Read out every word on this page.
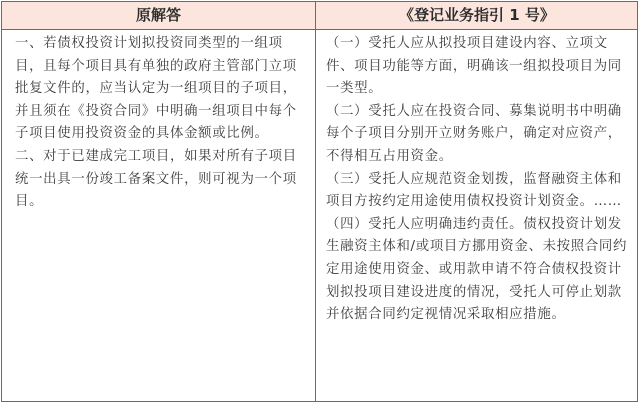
原解答	《登记业务指引 1 号》

一、若债权投资计划拟投资同类型的一组项目，且每个项目具有单独的政府主管部门立项批复文件的，应当认定为一组项目的子项目，并且须在《投资合同》中明确一组项目中每个子项目使用投资资金的具体金额或比例。

二、对于已建成完工项目，如果对所有子项目统一出具一份竣工备案文件，则可视为一个项目。

（一）受托人应从拟投项目建设内容、立项文件、项目功能等方面，明确该一组拟投项目为同一类型。

（二）受托人应在投资合同、募集说明书中明确每个子项目分别开立财务账户，确定对应资产，不得相互占用资金。

（三）受托人应规范资金划拨，监督融资主体和项目方按约定用途使用债权投资计划资金。……

（四）受托人应明确违约责任。债权投资计划发生融资主体和/或项目方挪用资金、未按照合同约定用途使用资金、或用款申请不符合债权投资计划拟投项目建设进度的情况，受托人可停止划款并依据合同约定视情况采取相应措施。
